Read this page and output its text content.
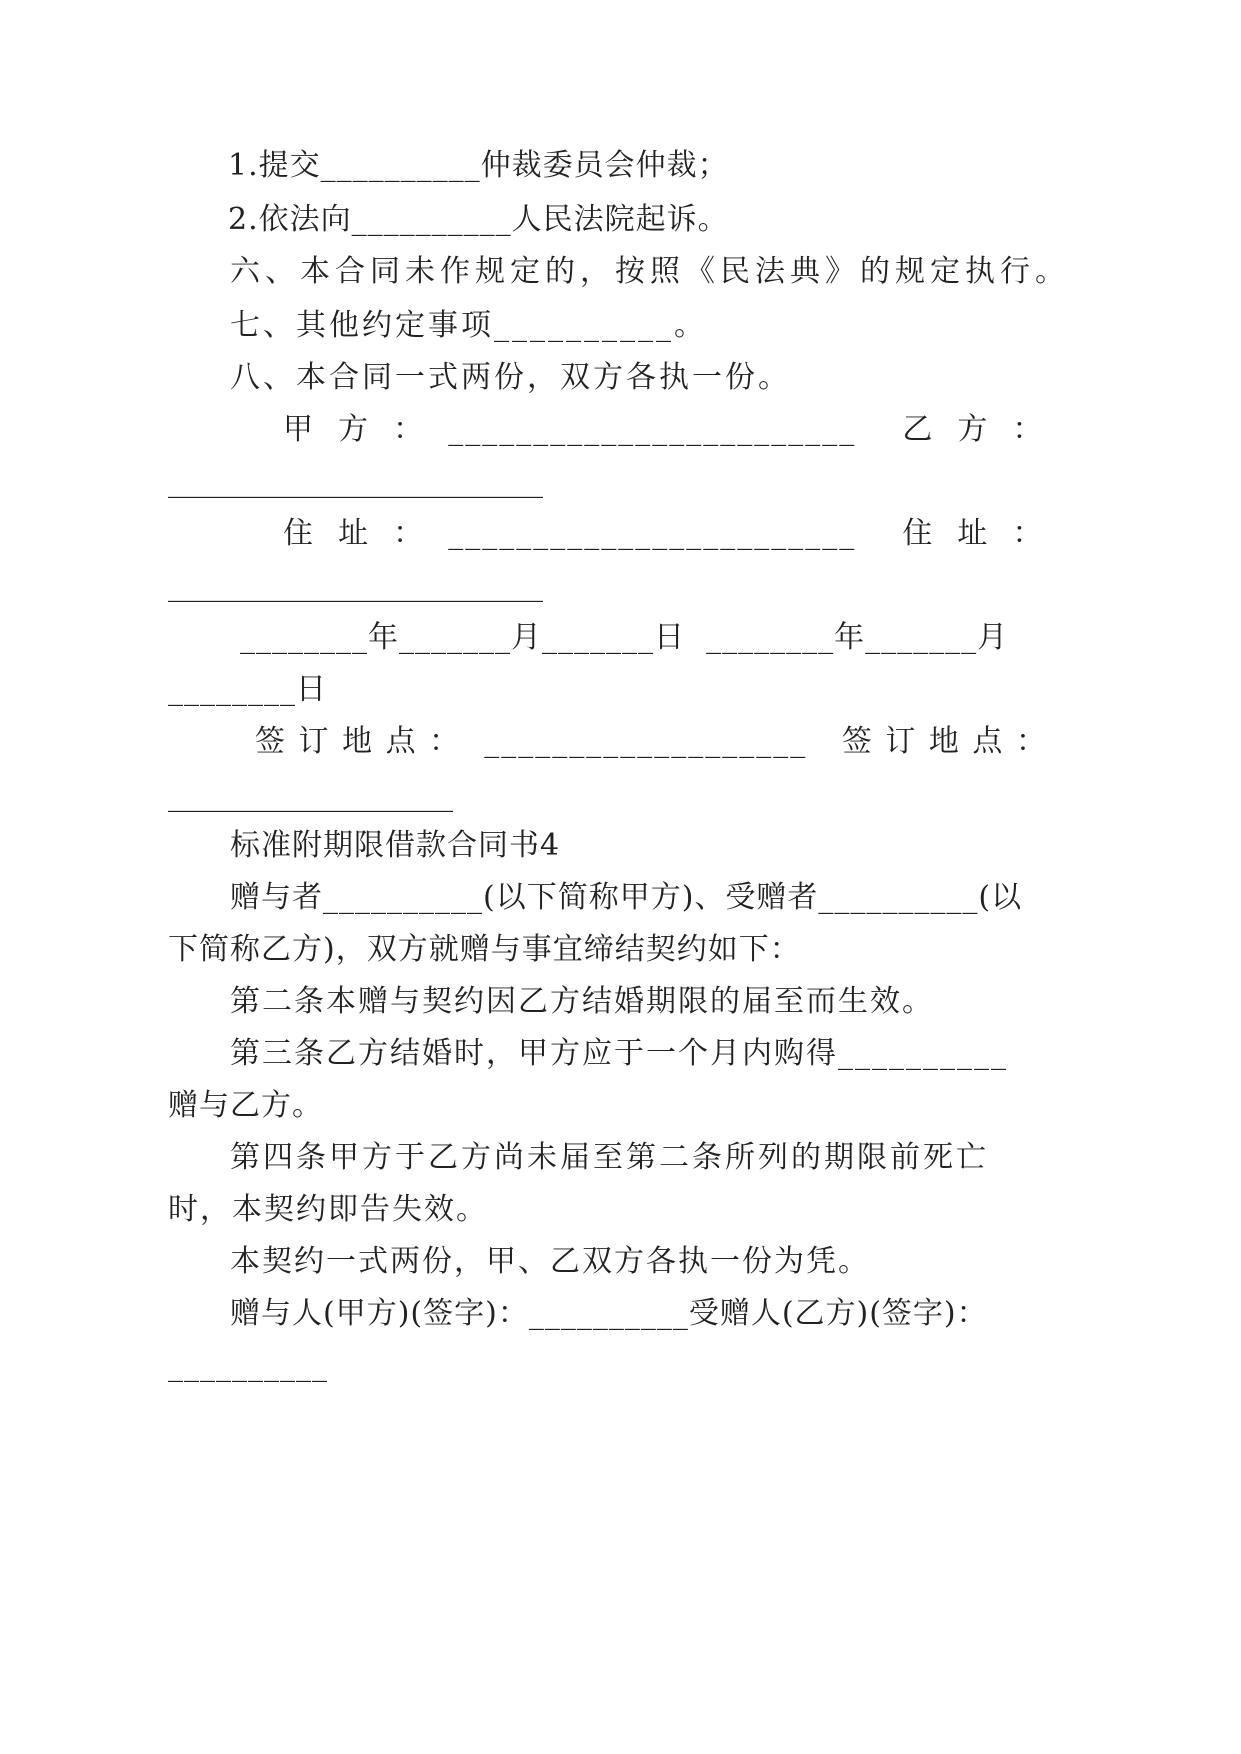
1.提交__________仲裁委员会仲裁；
2.依法向__________人民法院起诉。
六、本合同未作规定的，按照《民法典》的规定执行。
七、其他约定事项__________。
八、本合同一式两份，双方各执一份。
甲  方  ：  ________________________    乙  方  ：
_________________________
住  址  ：  ________________________    住  址  ：
_________________________
________年_______月_______日  ________年_______月
________日
签 订 地 点 ：  ___________________   签 订 地 点 ：
___________________
标准附期限借款合同书4
赠与者__________(以下简称甲方)、受赠者__________(以
下简称乙方)，双方就赠与事宜缔结契约如下：
第二条本赠与契约因乙方结婚期限的届至而生效。
第三条乙方结婚时，甲方应于一个月内购得__________
赠与乙方。
第四条甲方于乙方尚未届至第二条所列的期限前死亡
时，本契约即告失效。
本契约一式两份，甲、乙双方各执一份为凭。
赠与人(甲方)(签字)：__________受赠人(乙方)(签字)：
__________
